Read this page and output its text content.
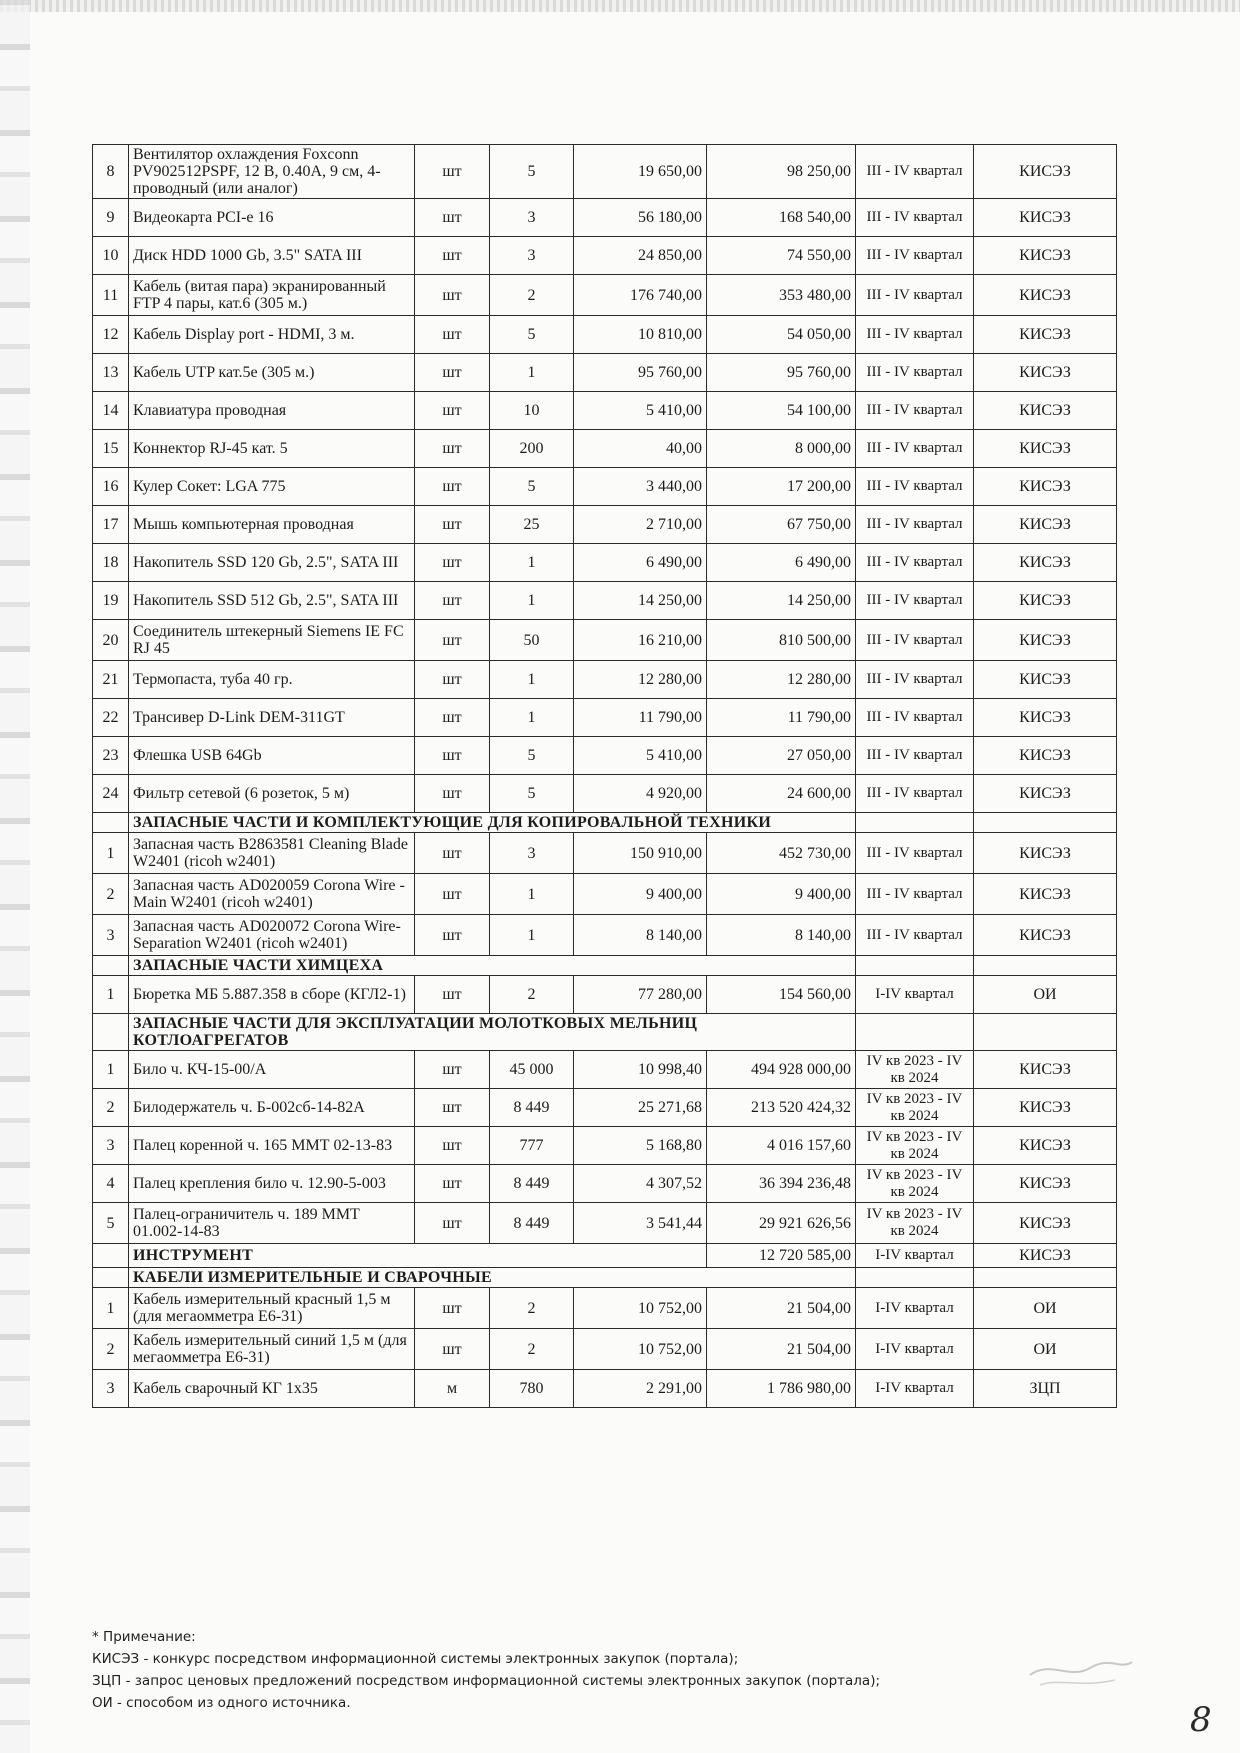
8	Вентилятор охлаждения Foxconn PV902512PSPF, 12 В, 0.40А, 9 см, 4-проводный (или аналог)	шт	5	19 650,00	98 250,00	III - IV квартал	КИСЭЗ
9	Видеокарта PCI-e 16	шт	3	56 180,00	168 540,00	III - IV квартал	КИСЭЗ
10	Диск HDD 1000 Gb, 3.5" SATA III	шт	3	24 850,00	74 550,00	III - IV квартал	КИСЭЗ
11	Кабель (витая пара) экранированный FTP 4 пары, кат.6 (305 м.)	шт	2	176 740,00	353 480,00	III - IV квартал	КИСЭЗ
12	Кабель Display port - HDMI, 3 м.	шт	5	10 810,00	54 050,00	III - IV квартал	КИСЭЗ
13	Кабель UTP кат.5е (305 м.)	шт	1	95 760,00	95 760,00	III - IV квартал	КИСЭЗ
14	Клавиатура проводная	шт	10	5 410,00	54 100,00	III - IV квартал	КИСЭЗ
15	Коннектор RJ-45 кат. 5	шт	200	40,00	8 000,00	III - IV квартал	КИСЭЗ
16	Кулер Сокет: LGA 775	шт	5	3 440,00	17 200,00	III - IV квартал	КИСЭЗ
17	Мышь компьютерная проводная	шт	25	2 710,00	67 750,00	III - IV квартал	КИСЭЗ
18	Накопитель SSD 120 Gb, 2.5", SATA III	шт	1	6 490,00	6 490,00	III - IV квартал	КИСЭЗ
19	Накопитель SSD 512 Gb, 2.5", SATA III	шт	1	14 250,00	14 250,00	III - IV квартал	КИСЭЗ
20	Соединитель штекерный Siemens IE FC RJ 45	шт	50	16 210,00	810 500,00	III - IV квартал	КИСЭЗ
21	Термопаста, туба 40 гр.	шт	1	12 280,00	12 280,00	III - IV квартал	КИСЭЗ
22	Трансивер D-Link DEM-311GT	шт	1	11 790,00	11 790,00	III - IV квартал	КИСЭЗ
23	Флешка USB 64Gb	шт	5	5 410,00	27 050,00	III - IV квартал	КИСЭЗ
24	Фильтр сетевой (6 розеток, 5 м)	шт	5	4 920,00	24 600,00	III - IV квартал	КИСЭЗ
	ЗАПАСНЫЕ ЧАСТИ И КОМПЛЕКТУЮЩИЕ ДЛЯ КОПИРОВАЛЬНОЙ ТЕХНИКИ						
1	Запасная часть B2863581 Cleaning Blade W2401 (ricoh w2401)	шт	3	150 910,00	452 730,00	III - IV квартал	КИСЭЗ
2	Запасная часть AD020059 Corona Wire - Main W2401 (ricoh w2401)	шт	1	9 400,00	9 400,00	III - IV квартал	КИСЭЗ
3	Запасная часть AD020072 Corona Wire-Separation W2401 (ricoh w2401)	шт	1	8 140,00	8 140,00	III - IV квартал	КИСЭЗ
	ЗАПАСНЫЕ ЧАСТИ ХИМЦЕХА						
1	Бюретка МБ 5.887.358 в сборе (КГЛ2-1)	шт	2	77 280,00	154 560,00	I-IV квартал	ОИ
	ЗАПАСНЫЕ ЧАСТИ ДЛЯ ЭКСПЛУАТАЦИИ МОЛОТКОВЫХ МЕЛЬНИЦ КОТЛОАГРЕГАТОВ						
1	Било ч. КЧ-15-00/А	шт	45 000	10 998,40	494 928 000,00	IV кв 2023 - IV кв 2024	КИСЭЗ
2	Билодержатель ч. Б-002сб-14-82А	шт	8 449	25 271,68	213 520 424,32	IV кв 2023 - IV кв 2024	КИСЭЗ
3	Палец коренной ч. 165 ММТ 02-13-83	шт	777	5 168,80	4 016 157,60	IV кв 2023 - IV кв 2024	КИСЭЗ
4	Палец крепления било ч. 12.90-5-003	шт	8 449	4 307,52	36 394 236,48	IV кв 2023 - IV кв 2024	КИСЭЗ
5	Палец-ограничитель ч. 189 ММТ 01.002-14-83	шт	8 449	3 541,44	29 921 626,56	IV кв 2023 - IV кв 2024	КИСЭЗ
	ИНСТРУМЕНТ				12 720 585,00	I-IV квартал	КИСЭЗ
	КАБЕЛИ ИЗМЕРИТЕЛЬНЫЕ И СВАРОЧНЫЕ						
1	Кабель измерительный красный 1,5 м (для мегаомметра Е6-31)	шт	2	10 752,00	21 504,00	I-IV квартал	ОИ
2	Кабель измерительный синий 1,5 м (для мегаомметра Е6-31)	шт	2	10 752,00	21 504,00	I-IV квартал	ОИ
3	Кабель сварочный КГ 1х35	м	780	2 291,00	1 786 980,00	I-IV квартал	ЗЦП
* Примечание:
КИСЭЗ - конкурс посредством информационной системы электронных закупок (портала);
ЗЦП - запрос ценовых предложений посредством информационной системы электронных закупок (портала);
ОИ - способом из одного источника.	8
